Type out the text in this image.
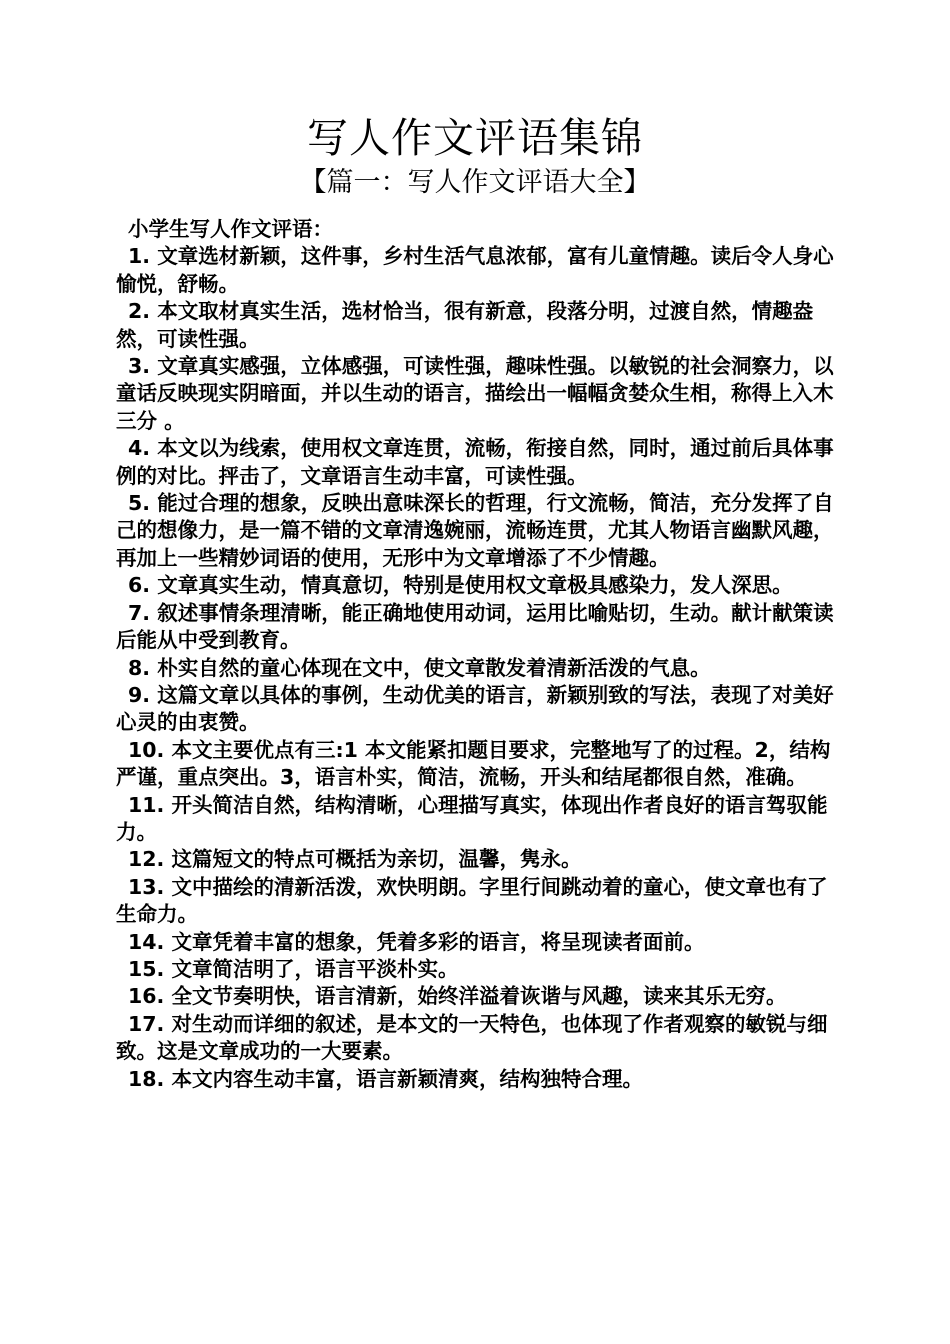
写人作文评语集锦
【篇一：写人作文评语大全】

小学生写人作文评语：

1. 文章选材新颖，这件事，乡村生活气息浓郁，富有儿童情趣。读后令人身心愉悦，舒畅。

2. 本文取材真实生活，选材恰当，很有新意，段落分明，过渡自然，情趣盎然，可读性强。

3. 文章真实感强，立体感强，可读性强，趣味性强。以敏锐的社会洞察力，以童话反映现实阴暗面，并以生动的语言，描绘出一幅幅贪婪众生相，称得上入木三分 。

4. 本文以为线索，使用权文章连贯，流畅，衔接自然，同时，通过前后具体事例的对比。抨击了，文章语言生动丰富，可读性强。

5. 能过合理的想象，反映出意味深长的哲理，行文流畅，简洁，充分发挥了自己的想像力，是一篇不错的文章清逸婉丽，流畅连贯，尤其人物语言幽默风趣，再加上一些精妙词语的使用，无形中为文章增添了不少情趣。

6. 文章真实生动，情真意切，特别是使用权文章极具感染力，发人深思。

7. 叙述事情条理清晰，能正确地使用动词，运用比喻贴切，生动。献计献策读后能从中受到教育。

8. 朴实自然的童心体现在文中，使文章散发着清新活泼的气息。

9. 这篇文章以具体的事例，生动优美的语言，新颖别致的写法，表现了对美好心灵的由衷赞。

10. 本文主要优点有三:1 本文能紧扣题目要求，完整地写了的过程。2，结构严谨，重点突出。3，语言朴实，简洁，流畅，开头和结尾都很自然，准确。

11. 开头简洁自然，结构清晰，心理描写真实，体现出作者良好的语言驾驭能力。

12. 这篇短文的特点可概括为亲切，温馨，隽永。

13. 文中描绘的清新活泼，欢快明朗。字里行间跳动着的童心，使文章也有了生命力。

14. 文章凭着丰富的想象，凭着多彩的语言，将呈现读者面前。

15. 文章简洁明了，语言平淡朴实。

16. 全文节奏明快，语言清新，始终洋溢着诙谐与风趣，读来其乐无穷。

17. 对生动而详细的叙述，是本文的一天特色，也体现了作者观察的敏锐与细致。这是文章成功的一大要素。

18. 本文内容生动丰富，语言新颖清爽，结构独特合理。
